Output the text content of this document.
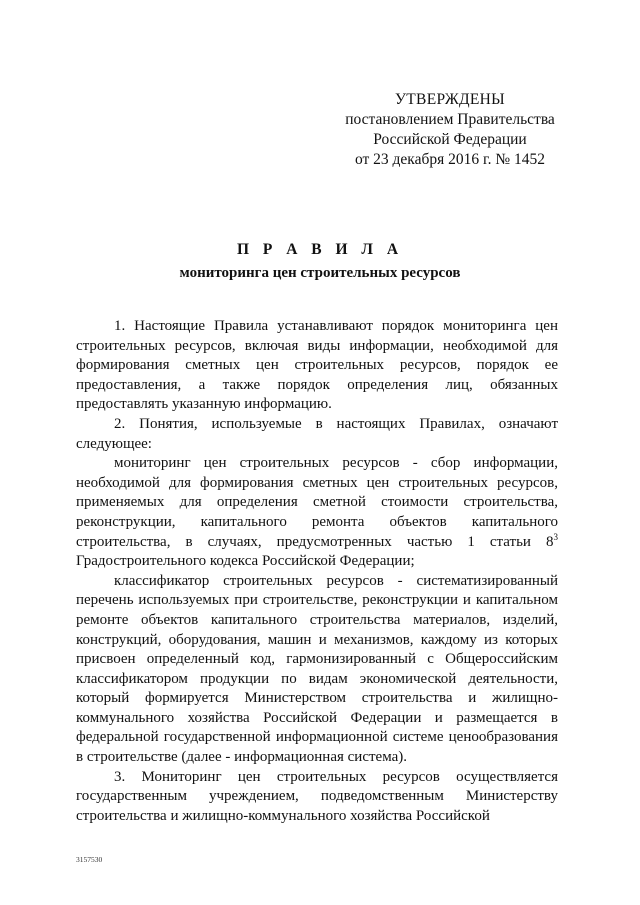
УТВЕРЖДЕНЫ
постановлением Правительства
Российской Федерации
от 23 декабря 2016 г. № 1452
П Р А В И Л А
мониторинга цен строительных ресурсов

1. Настоящие Правила устанавливают порядок мониторинга цен строительных ресурсов, включая виды информации, необходимой для формирования сметных цен строительных ресурсов, порядок ее предоставления, а также порядок определения лиц, обязанных предоставлять указанную информацию.

2. Понятия, используемые в настоящих Правилах, означают следующее:

мониторинг цен строительных ресурсов - сбор информации, необходимой для формирования сметных цен строительных ресурсов, применяемых для определения сметной стоимости строительства, реконструкции, капитального ремонта объектов капитального строительства, в случаях, предусмотренных частью 1 статьи $8^3$ Градостроительного кодекса Российской Федерации;

классификатор строительных ресурсов - систематизированный перечень используемых при строительстве, реконструкции и капитальном ремонте объектов капитального строительства материалов, изделий, конструкций, оборудования, машин и механизмов, каждому из которых присвоен определенный код, гармонизированный с Общероссийским классификатором продукции по видам экономической деятельности, который формируется Министерством строительства и жилищно-коммунального хозяйства Российской Федерации и размещается в федеральной государственной информационной системе ценообразования в строительстве (далее - информационная система).

3. Мониторинг цен строительных ресурсов осуществляется государственным учреждением, подведомственным Министерству строительства и жилищно-коммунального хозяйства Российской

3157530
